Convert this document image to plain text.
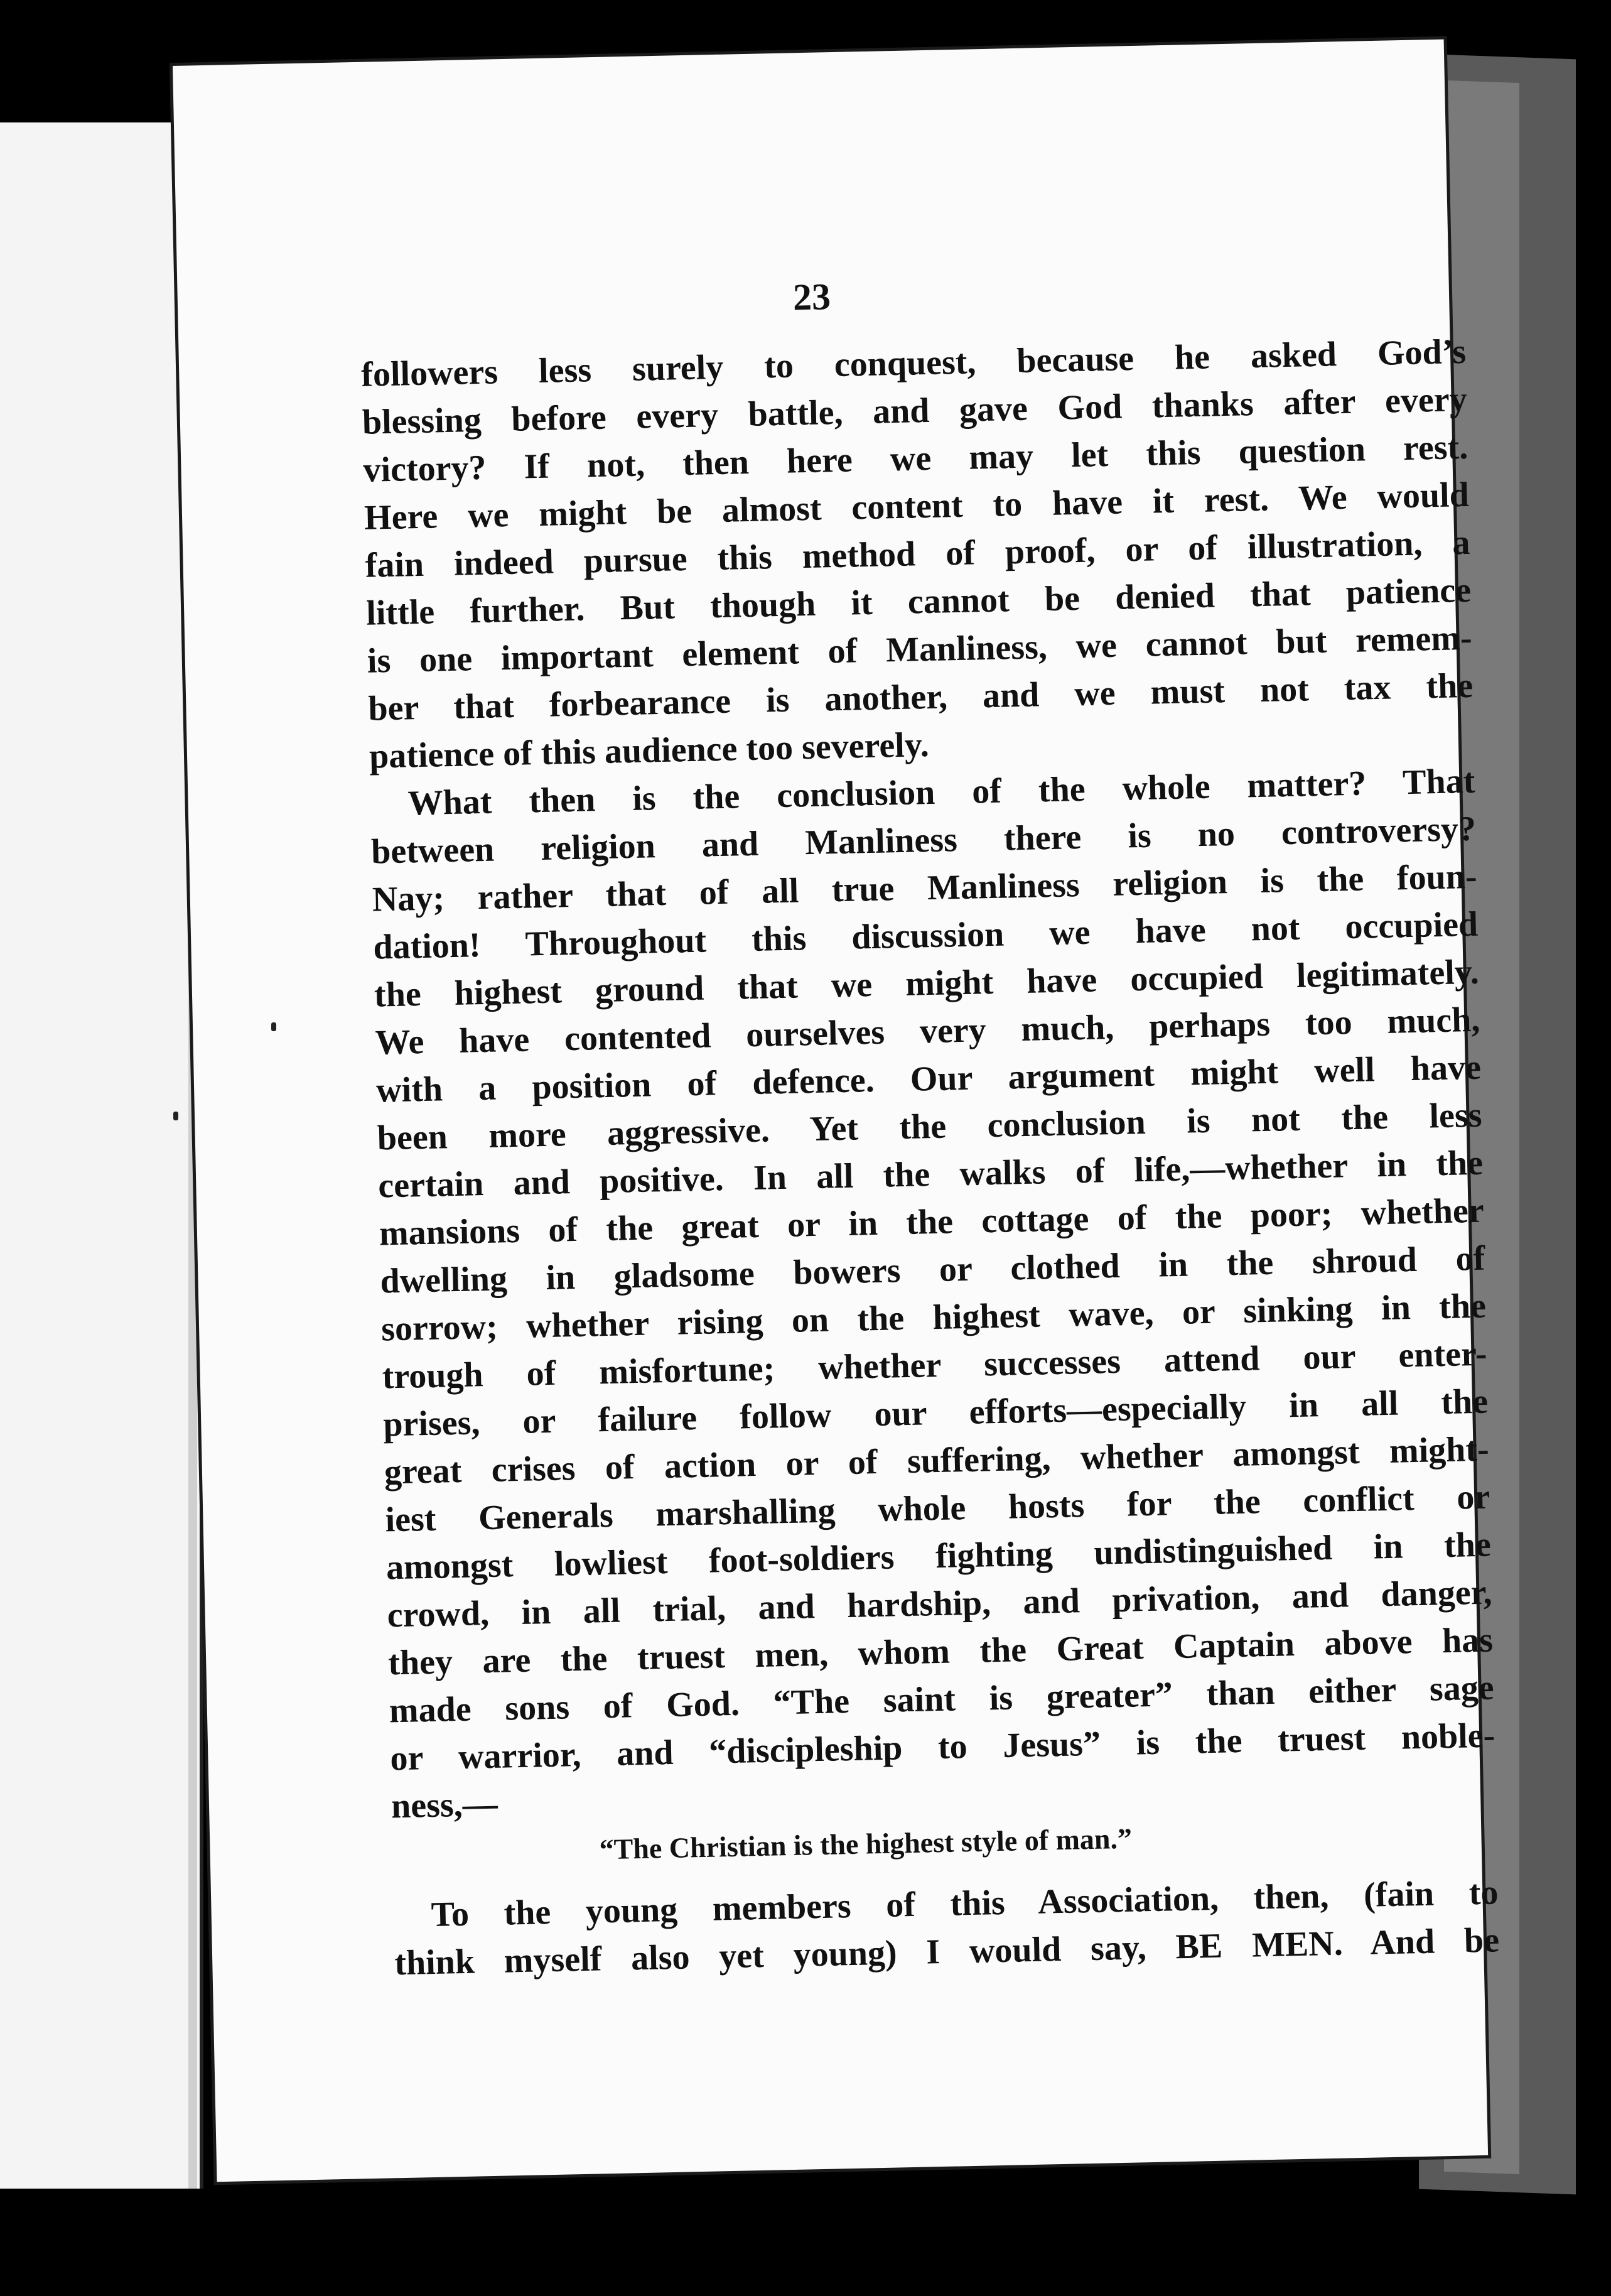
23
followers less surely to conquest, because he asked God’s
blessing before every battle, and gave God thanks after every
victory? If not, then here we may let this question rest.
Here we might be almost content to have it rest. We would
fain indeed pursue this method of proof, or of illustration, a
little further. But though it cannot be denied that patience
is one important element of Manliness, we cannot but remem-
ber that forbearance is another, and we must not tax the
patience of this audience too severely.
What then is the conclusion of the whole matter? That
between religion and Manliness there is no controversy?
Nay; rather that of all true Manliness religion is the foun-
dation! Throughout this discussion we have not occupied
the highest ground that we might have occupied legitimately.
We have contented ourselves very much, perhaps too much,
with a position of defence. Our argument might well have
been more aggressive. Yet the conclusion is not the less
certain and positive. In all the walks of life,—whether in the
mansions of the great or in the cottage of the poor; whether
dwelling in gladsome bowers or clothed in the shroud of
sorrow; whether rising on the highest wave, or sinking in the
trough of misfortune; whether successes attend our enter-
prises, or failure follow our efforts—especially in all the
great crises of action or of suffering, whether amongst might-
iest Generals marshalling whole hosts for the conflict or
amongst lowliest foot-soldiers fighting undistinguished in the
crowd, in all trial, and hardship, and privation, and danger,
they are the truest men, whom the Great Captain above has
made sons of God. “The saint is greater” than either sage
or warrior, and “discipleship to Jesus” is the truest noble-
ness,—
“The Christian is the highest style of man.”
To the young members of this Association, then, (fain to
think myself also yet young) I would say, BE MEN. And be
